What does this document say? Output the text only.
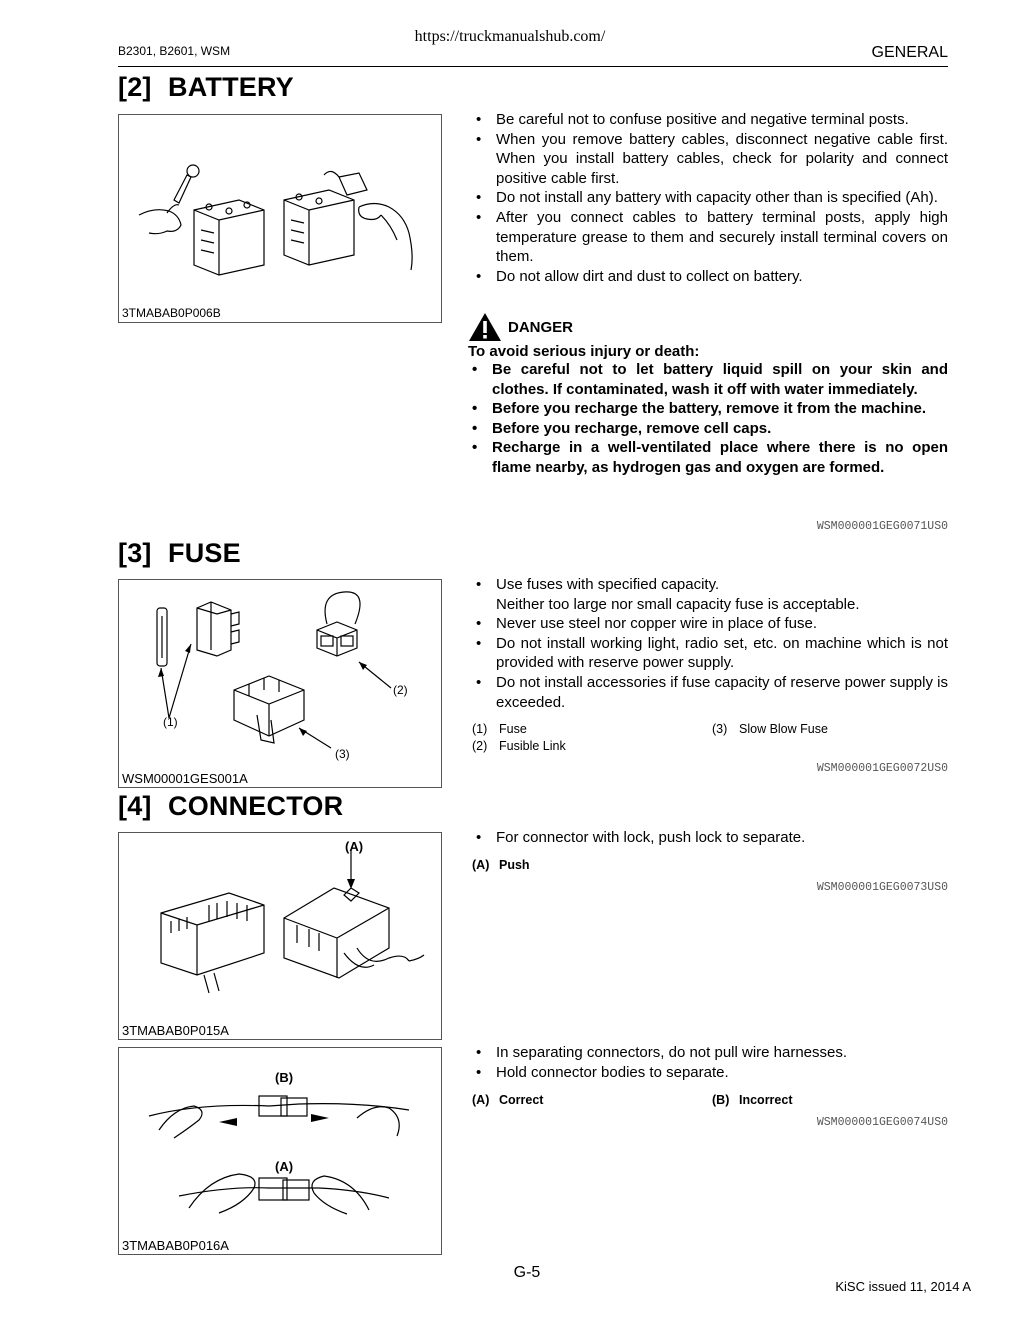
https://truckmanualshub.com/
B2301, B2601, WSM	GENERAL
[2] BATTERY
3TMABAB0P006B
• Be careful not to confuse positive and negative terminal posts.
• When you remove battery cables, disconnect negative cable first. When you install battery cables, check for polarity and connect positive cable first.
• Do not install any battery with capacity other than is specified (Ah).
• After you connect cables to battery terminal posts, apply high temperature grease to them and securely install terminal covers on them.
• Do not allow dirt and dust to collect on battery.
DANGER
To avoid serious injury or death:
• Be careful not to let battery liquid spill on your skin and clothes. If contaminated, wash it off with water immediately.
• Before you recharge the battery, remove it from the machine.
• Before you recharge, remove cell caps.
• Recharge in a well-ventilated place where there is no open flame nearby, as hydrogen gas and oxygen are formed.
WSM000001GEG0071US0
[3] FUSE
(1)
(2)
(3)
WSM00001GES001A
• Use fuses with specified capacity.
Neither too large nor small capacity fuse is acceptable.
• Never use steel nor copper wire in place of fuse.
• Do not install working light, radio set, etc. on machine which is not provided with reserve power supply.
• Do not install accessories if fuse capacity of reserve power supply is exceeded.
(1) Fuse
(2) Fusible Link
(3) Slow Blow Fuse
WSM000001GEG0072US0
[4] CONNECTOR
(A)
3TMABAB0P015A
• For connector with lock, push lock to separate.
(A) Push
WSM000001GEG0073US0
(B)
(A)
3TMABAB0P016A
• In separating connectors, do not pull wire harnesses.
• Hold connector bodies to separate.
(A) Correct	(B) Incorrect
WSM000001GEG0074US0
G-5
KiSC issued 11, 2014 A
